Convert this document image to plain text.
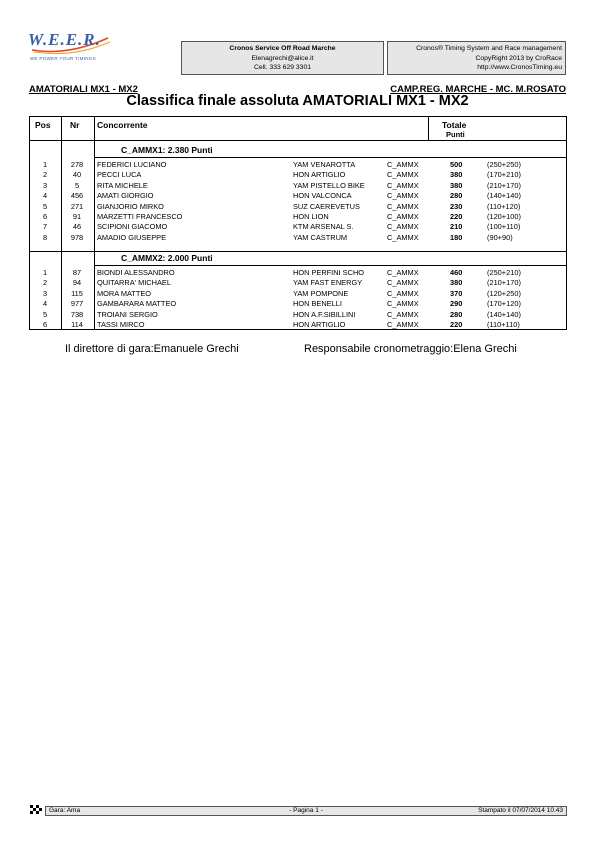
W.E.E.R.
WE POWER YOUR TIMINGS
Cronos Service Off Road Marche
Elenagrechi@alice.it
Cell. 333 629 3301
Cronos® Timing System and Race management
CopyRight 2013 by CroRace
http://www.CronosTiming.eu
AMATORIALI MX1 - MX2	CAMP.REG. MARCHE - MC. M.ROSATO
Classifica finale assoluta AMATORIALI MX1 - MX2
Pos Nr Concorrente	Totale
Punti
C_AMMX1: 2.380 Punti
1	278	FEDERICI LUCIANO	YAM VENAROTTA	C_AMMX	500	(250+250)
2	40	PECCI LUCA	HON ARTIGLIO	C_AMMX	380	(170+210)
3	5	RITA MICHELE	YAM PISTELLO BIKE	C_AMMX	380	(210+170)
4	456	AMATI GIORGIO	HON VALCONCA	C_AMMX	280	(140+140)
5	271	GIANJORIO MIRKO	SUZ CAEREVETUS	C_AMMX	230	(110+120)
6	91	MARZETTI FRANCESCO	HON LION	C_AMMX	220	(120+100)
7	46	SCIPIONI GIACOMO	KTM ARSENAL S.	C_AMMX	210	(100+110)
8	978	AMADIO GIUSEPPE	YAM CASTRUM	C_AMMX	180	(90+90)
C_AMMX2: 2.000 Punti
1	87	BIONDI ALESSANDRO	HON PERFINI SCHO	C_AMMX	460	(250+210)
2	94	QUITARRA' MICHAEL	YAM FAST ENERGY	C_AMMX	380	(210+170)
3	115	MORA MATTEO	YAM POMPONE	C_AMMX	370	(120+250)
4	977	GAMBARARA MATTEO	HON BENELLI	C_AMMX	290	(170+120)
5	738	TROIANI SERGIO	HON A.F.SIBILLINI	C_AMMX	280	(140+140)
6	114	TASSI MIRCO	HON ARTIGLIO	C_AMMX	220	(110+110)
Il direttore di gara:Emanuele Grechi	Responsabile cronometraggio:Elena Grechi
Gara: Ama	- Pagina 1 -	Stampato il 07/07/2014 10.43
